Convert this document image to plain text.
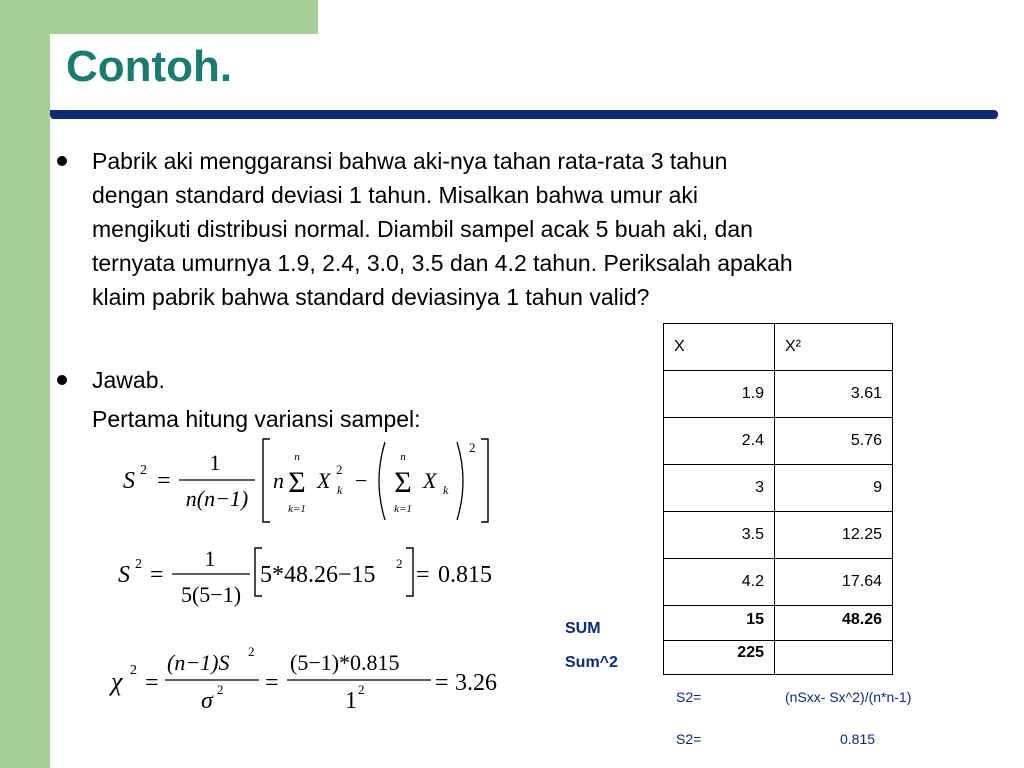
Contoh.
Pabrik aki menggaransi bahwa aki-nya tahan rata-rata 3 tahun
dengan standard deviasi 1 tahun. Misalkan bahwa umur aki
mengikuti distribusi normal. Diambil sampel acak 5 buah aki, dan
ternyata umurnya 1.9, 2.4, 3.0, 3.5 dan 4.2 tahun. Periksalah apakah
klaim pabrik bahwa standard deviasinya 1 tahun valid?
Jawab.
Pertama hitung variansi sampel:
S 2 =
1
n(n−1)
n
n
Σ
k=1
X 2
k −
n
Σ
k=1
X k
2
S 2 =
1
5(5−1)
5*48.26−15 2 = 0.815
χ 2 =
(n−1)S 2
σ 2 =
(5−1)*0.815
1 2	= 3.26
SUM
Sum^2
X	X²
1.9	3.61
2.4	5.76
3	9
3.5	12.25
4.2	17.64
15	48.26
225	
S2=	(nSxx- Sx^2)/(n*n-1)
S2=	0.815
